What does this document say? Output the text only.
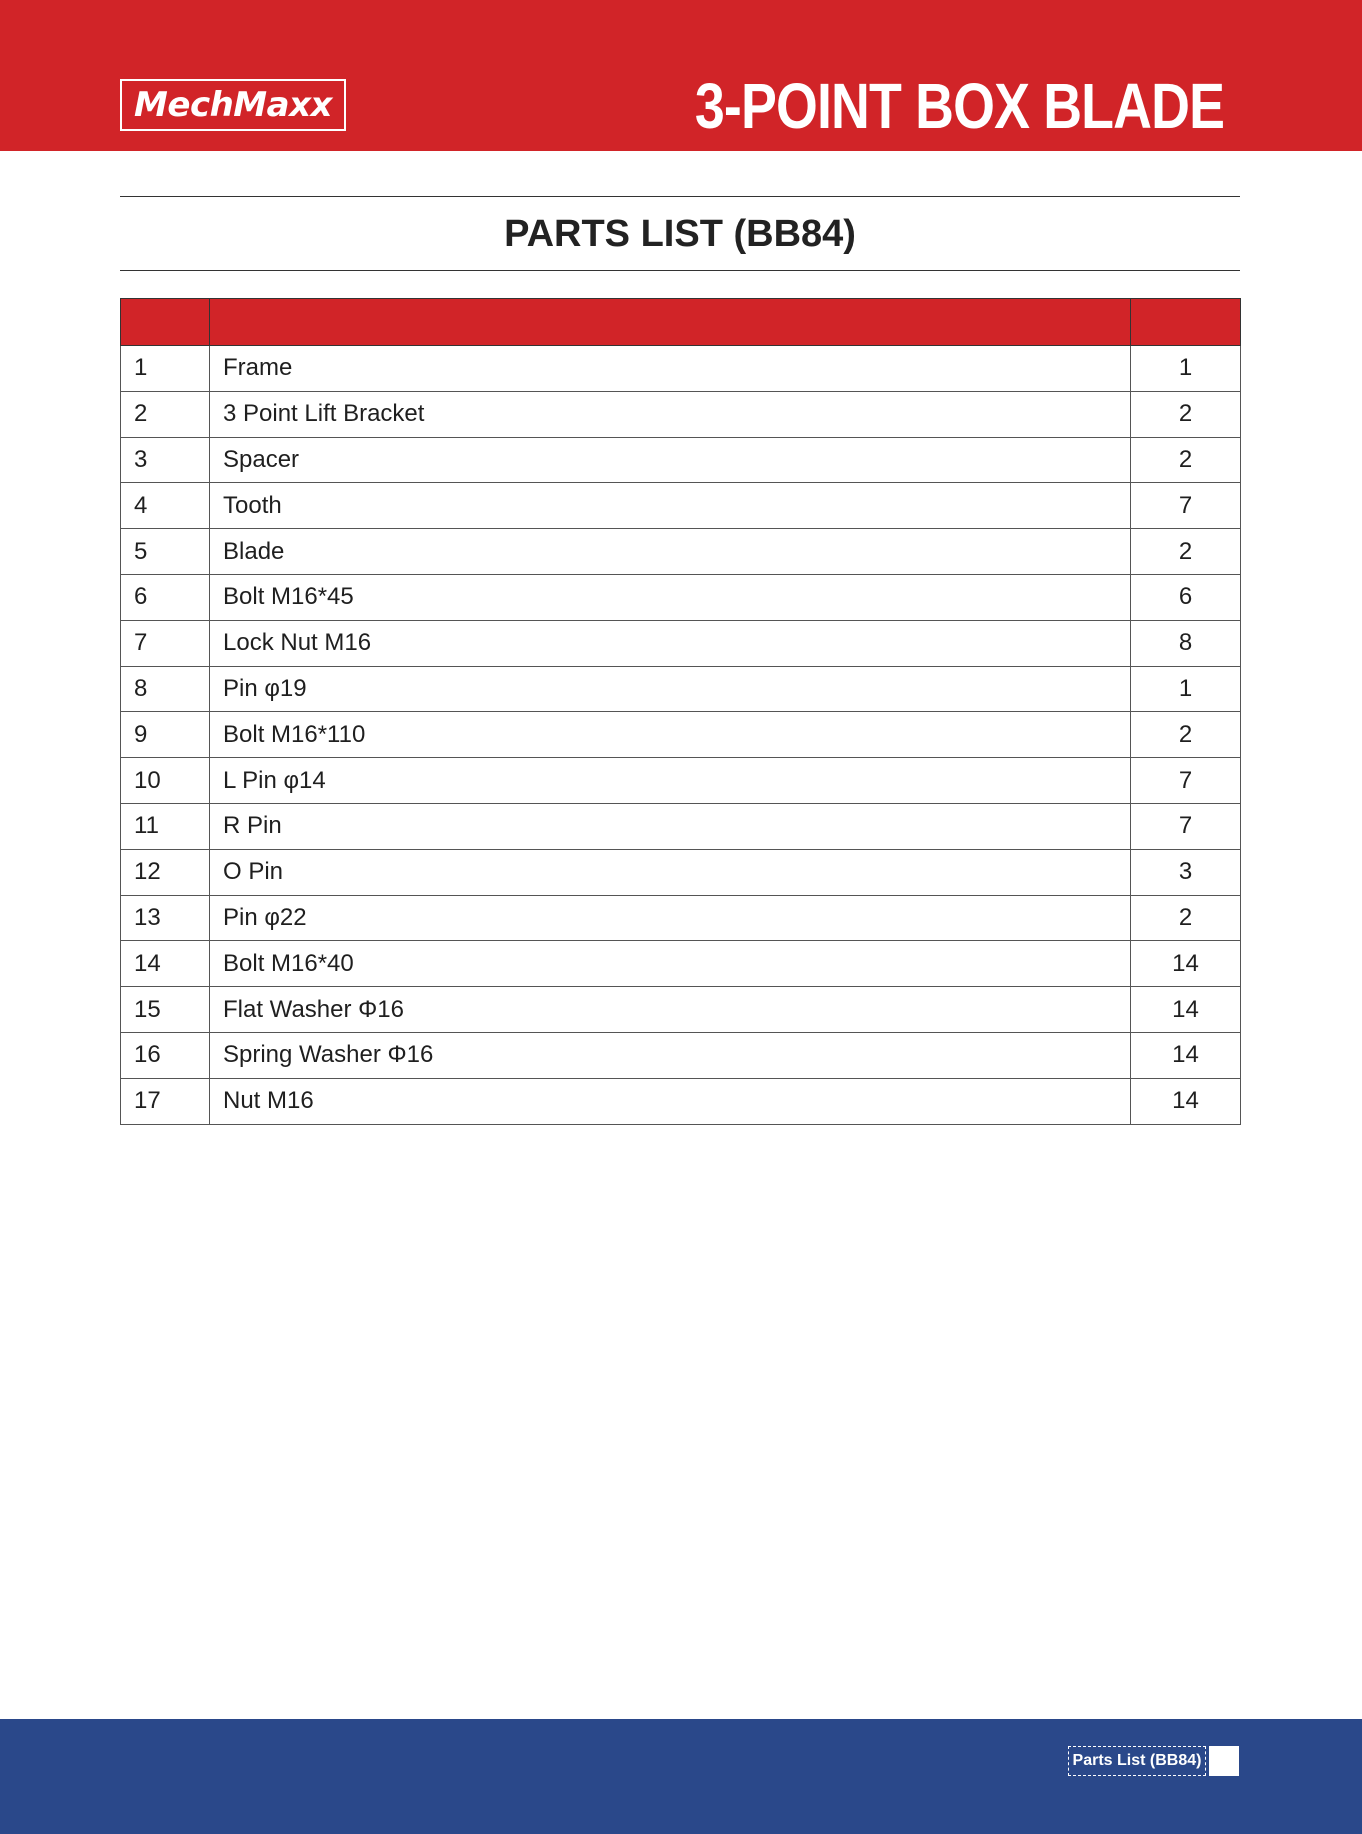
MechMaxx	3-POINT BOX BLADE
PARTS LIST (BB84)

1	Frame	1
2	3 Point Lift Bracket	2
3	Spacer	2
4	Tooth	7
5	Blade	2
6	Bolt M16*45	6
7	Lock Nut M16	8
8	Pin φ19	1
9	Bolt M16*110	2
10	L Pin φ14	7
11	R Pin	7
12	O Pin	3
13	Pin φ22	2
14	Bolt M16*40	14
15	Flat Washer Φ16	14
16	Spring Washer Φ16	14
17	Nut M16	14
Parts List (BB84)
